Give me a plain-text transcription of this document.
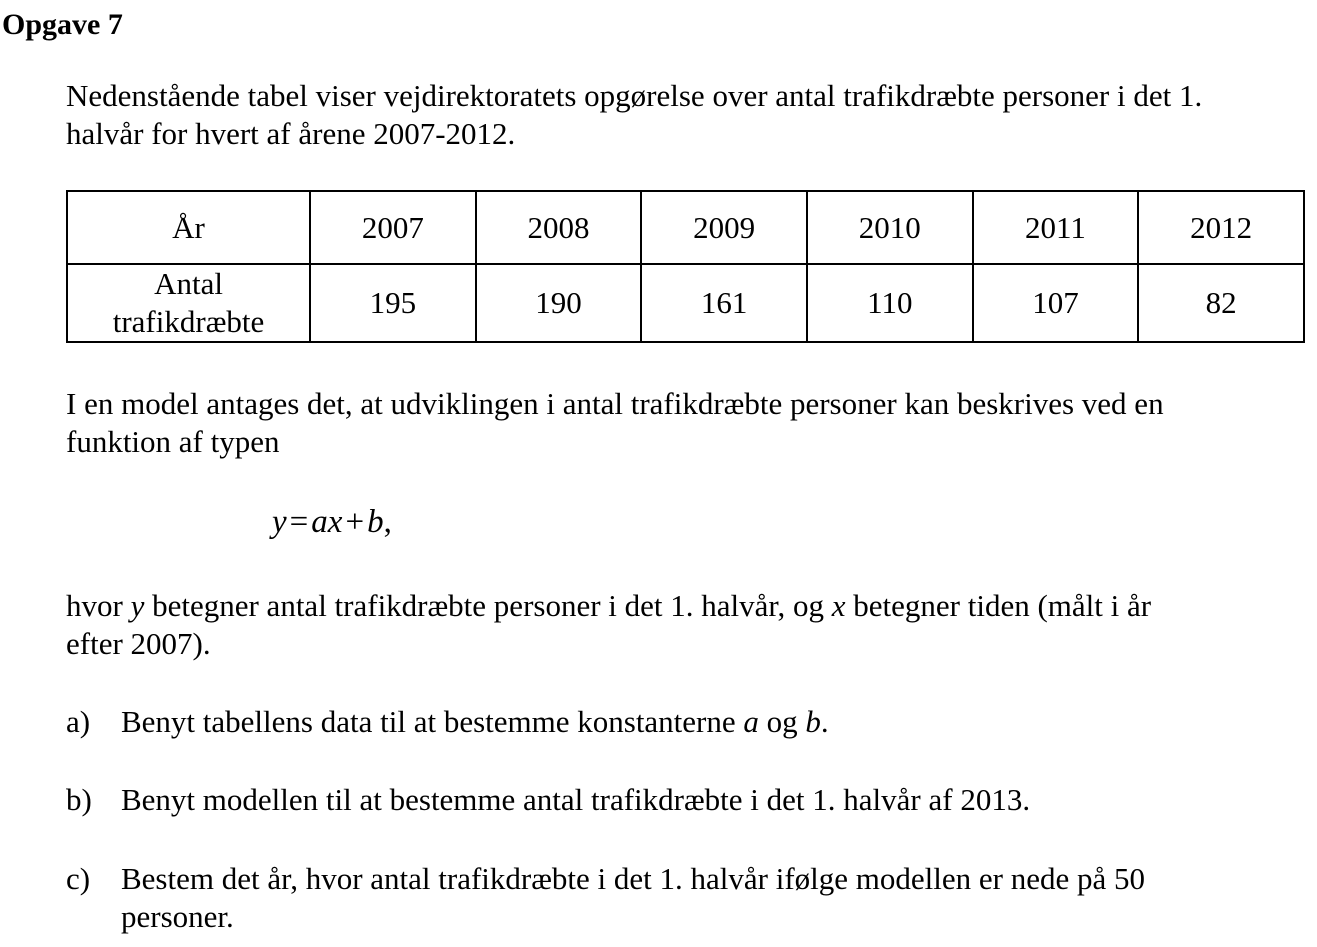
Opgave 7
Nedenstående tabel viser vejdirektoratets opgørelse over antal trafikdræbte personer i det 1.
halvår for hvert af årene 2007-2012.
År	2007	2008	2009	2010	2011	2012

Antal
trafikdræbte	195	190	161	110	107	82
I en model antages det, at udviklingen i antal trafikdræbte personer kan beskrives ved en
funktion af typen
y=ax+b,
hvor y betegner antal trafikdræbte personer i det 1. halvår, og x betegner tiden (målt i år
efter 2007).
a) Benyt tabellens data til at bestemme konstanterne a og b.
b) Benyt modellen til at bestemme antal trafikdræbte i det 1. halvår af 2013.
c) Bestem det år, hvor antal trafikdræbte i det 1. halvår ifølge modellen er nede på 50
personer.
